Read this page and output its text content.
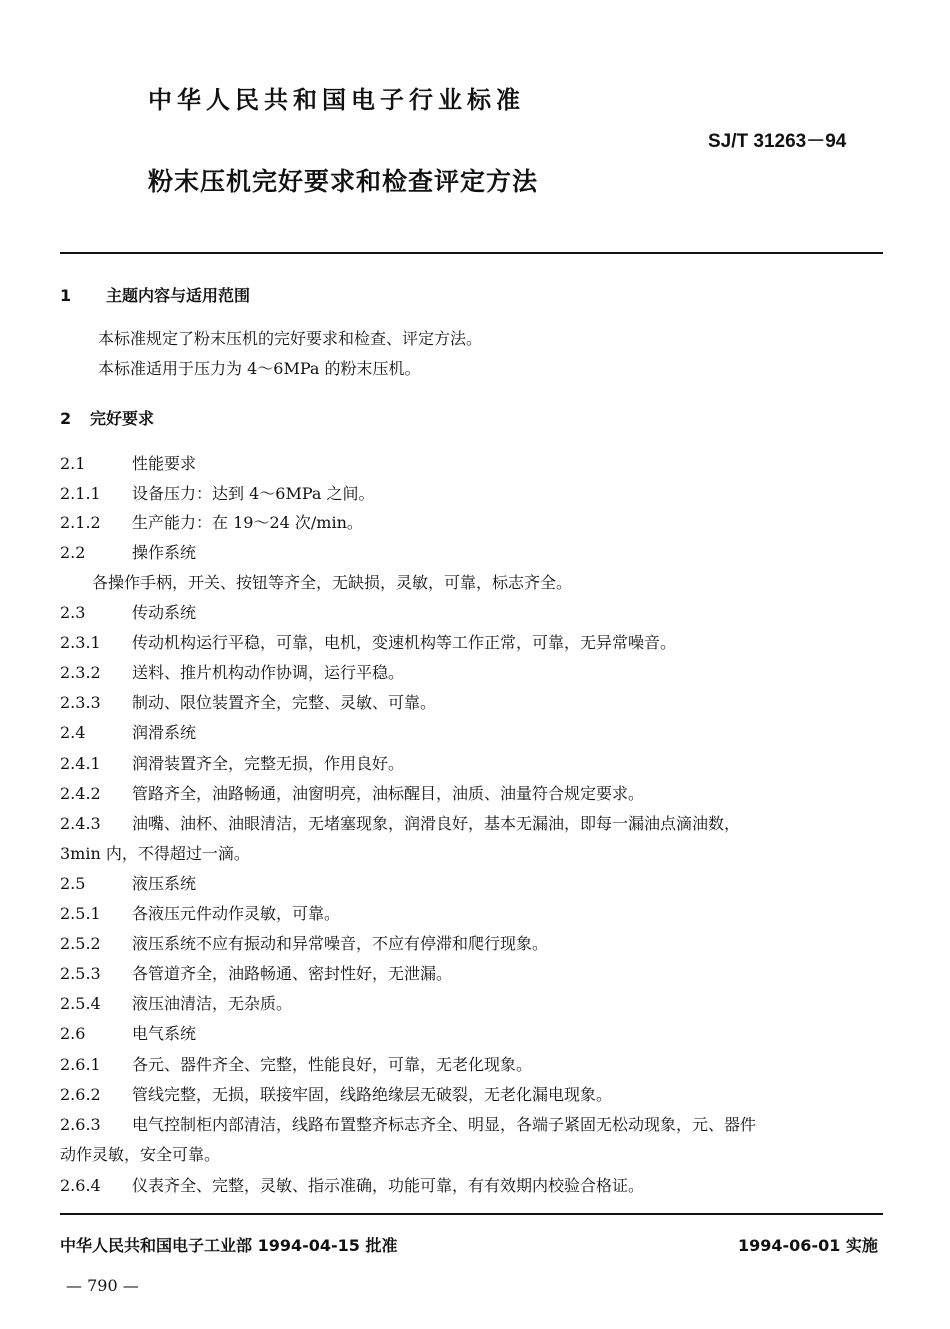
中华人民共和国电子行业标准
SJ/T 31263－94
粉末压机完好要求和检查评定方法
1 主题内容与适用范围
本标准规定了粉末压机的完好要求和检查、评定方法。
本标准适用于压力为 4～6MPa 的粉末压机。
2 完好要求
2.1	性能要求
2.1.1 设备压力：达到 4～6MPa 之间。
2.1.2 生产能力：在 19～24 次/min。
2.2	操作系统
各操作手柄，开关、按钮等齐全，无缺损，灵敏，可靠，标志齐全。
2.3	传动系统
2.3.1 传动机构运行平稳，可靠，电机，变速机构等工作正常，可靠，无异常噪音。
2.3.2 送料、推片机构动作协调，运行平稳。
2.3.3 制动、限位装置齐全，完整、灵敏、可靠。
2.4	润滑系统
2.4.1 润滑装置齐全，完整无损，作用良好。
2.4.2 管路齐全，油路畅通，油窗明亮，油标醒目，油质、油量符合规定要求。
2.4.3 油嘴、油杯、油眼清洁，无堵塞现象，润滑良好，基本无漏油，即每一漏油点滴油数，
3min 内，不得超过一滴。
2.5	液压系统
2.5.1 各液压元件动作灵敏，可靠。
2.5.2 液压系统不应有振动和异常噪音，不应有停滞和爬行现象。
2.5.3 各管道齐全，油路畅通、密封性好，无泄漏。
2.5.4 液压油清洁，无杂质。
2.6	电气系统
2.6.1 各元、器件齐全、完整，性能良好，可靠，无老化现象。
2.6.2 管线完整，无损，联接牢固，线路绝缘层无破裂，无老化漏电现象。
2.6.3 电气控制柜内部清洁，线路布置整齐标志齐全、明显，各端子紧固无松动现象，元、器件
动作灵敏，安全可靠。
2.6.4 仪表齐全、完整，灵敏、指示准确，功能可靠，有有效期内校验合格证。
中华人民共和国电子工业部 1994-04-15 批准	1994-06-01 实施
— 790 —
